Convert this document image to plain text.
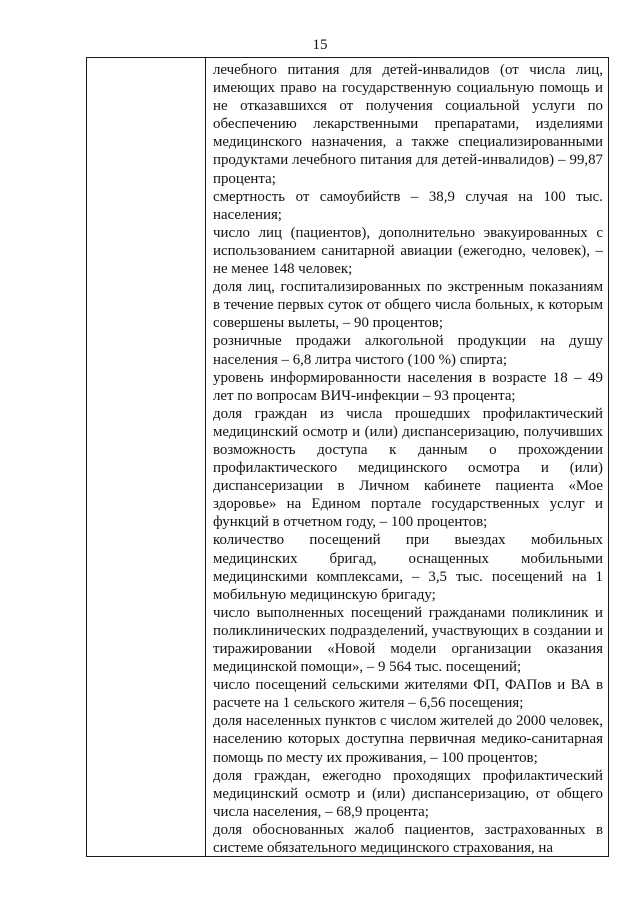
15

лечебного питания для детей-инвалидов (от числа лиц, имеющих право на государственную социальную помощь и не отказавшихся от получения социальной услуги по обеспечению лекарственными препаратами, изделиями медицинского назначения, а также специализированными продуктами лечебного питания для детей-инвалидов) – 99,87 процента;

смертность от самоубийств – 38,9 случая на 100 тыс. населения;

число лиц (пациентов), дополнительно эвакуированных с использованием санитарной авиации (ежегодно, человек), – не менее 148 человек;

доля лиц, госпитализированных по экстренным показаниям в течение первых суток от общего числа больных, к которым совершены вылеты, – 90 процентов;

розничные продажи алкогольной продукции на душу населения – 6,8 литра чистого (100 %) спирта;

уровень информированности населения в возрасте 18 – 49 лет по вопросам ВИЧ-инфекции – 93 процента;

доля граждан из числа прошедших профилактический медицинский осмотр и (или) диспансеризацию, получивших возможность доступа к данным о прохождении профилактического медицинского осмотра и (или) диспансеризации в Личном кабинете пациента «Мое здоровье» на Едином портале государственных услуг и функций в отчетном году, – 100 процентов;

количество посещений при выездах мобильных медицинских бригад, оснащенных мобильными медицинскими комплексами, – 3,5 тыс. посещений на 1 мобильную медицинскую бригаду;

число выполненных посещений гражданами поликлиник и поликлинических подразделений, участвующих в создании и тиражировании «Новой модели организации оказания медицинской помощи», – 9 564 тыс. посещений;

число посещений сельскими жителями ФП, ФАПов и ВА в расчете на 1 сельского жителя – 6,56 посещения;

доля населенных пунктов с числом жителей до 2000 человек, населению которых доступна первичная медико-санитарная помощь по месту их проживания, – 100 процентов;

доля граждан, ежегодно проходящих профилактический медицинский осмотр и (или) диспансеризацию, от общего числа населения, – 68,9 процента;

доля обоснованных жалоб пациентов, застрахованных в системе обязательного медицинского страхования, на
